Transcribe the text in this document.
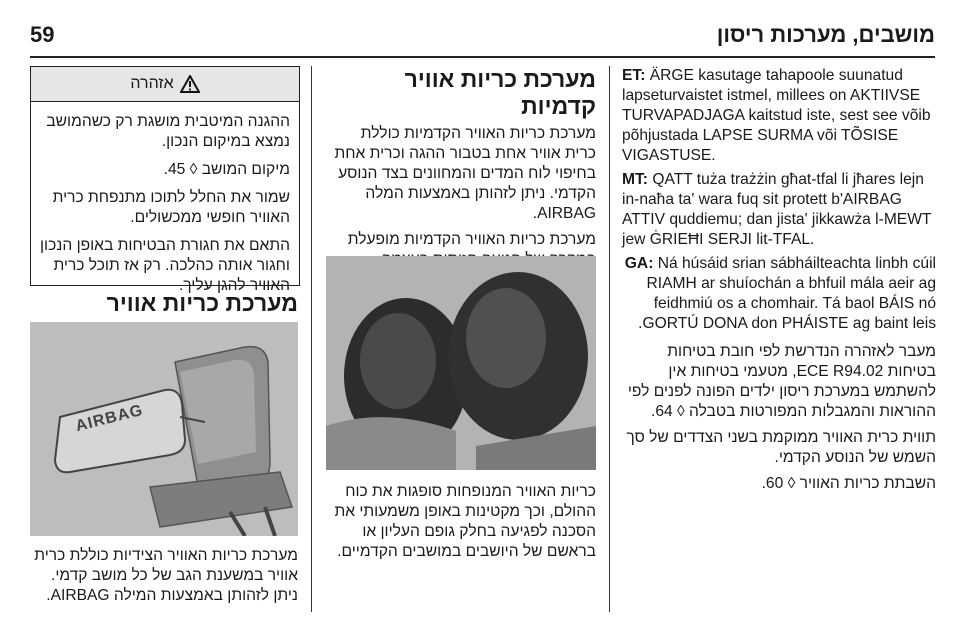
59	מושבים, מערכות ריסון
אזהרה

ההגנה המיטבית מושגת רק כשהמושב נמצא במיקום הנכון.

מיקום המושב ◊ 45.

שמור את החלל לתוכו מתנפחת כרית האוויר חופשי ממכשולים.

התאם את חגורת הבטיחות באופן הנכון וחגור אותה כהלכה. רק אז תוכל כרית האוויר להגן עליך.

מערכת כריות אוויר
AIRBAG

מערכת כריות האוויר הצידיות כוללת כרית אוויר במשענת הגב של כל מושב קדמי. ניתן לזהותן באמצעות המילה AIRBAG.

מערכת כריות אוויר קדמיות

מערכת כריות האוויר הקדמיות כוללת כרית אוויר אחת בטבור ההגה וכרית אחת בחיפוי לוח המדים והמחוונים בצד הנוסע הקדמי. ניתן לזהותן באמצעות המלה AIRBAG.

מערכת כריות האוויר הקדמיות מופעלת

כריות האוויר המנופחות סופגות את כוח ההולם, וכך מקטינות באופן משמעותי את הסכנה לפגיעה בחלק גופם העליון או בראשם של היושבים במושבים הקדמיים.

ET: ÄRGE kasutage tahapoole suunatud lapseturvaistet istmel, millees on AKTIIVSE TURVAPADJAGA kaitstud iste, sest see võib põhjustada LAPSE SURMA või TÕSISE VIGASTUSE.

MT: QATT tuża trażżin għat-tfal li jħares lejn in-naħa ta' wara fuq sit protett b'AIRBAG ATTIV quddiemu; dan jista' jikkawża l-MEWT jew ĠRIEĦI SERJI lit-TFAL.

GA: Ná húsáid srian sábháilteachta linbh cúil RIAMH ar shuíochán a bhfuil mála aeir ag feidhmiú os a chomhair. Tá baol BÁIS nó GORTÚ DONA don PHÁISTE ag baint leis.

מעבר לאזהרה הנדרשת לפי חובת בטיחות בטיחות ECE R94.02, מטעמי בטיחות אין להשתמש במערכת ריסון ילדים הפונה לפנים לפי ההוראות והמגבלות המפורטות בטבלה ◊ 64.

תווית כרית האוויר ממוקמת בשני הצדדים של סך השמש של הנוסע הקדמי.

השבתת כריות האוויר ◊ 60.
